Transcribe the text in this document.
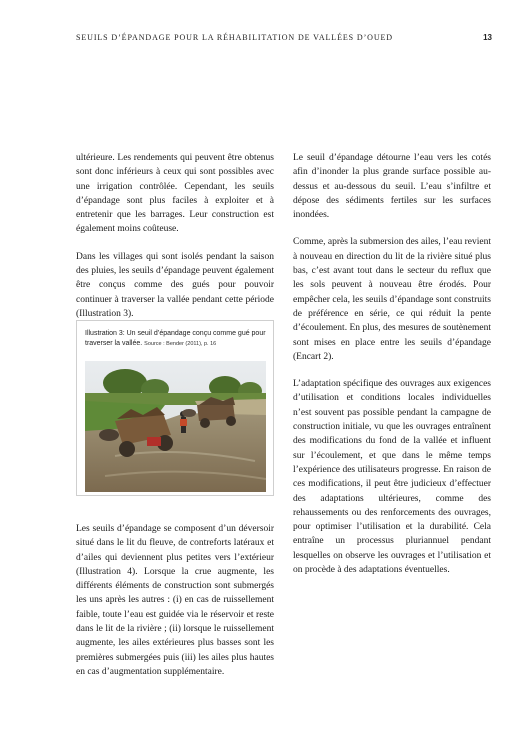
SEUILS D’ÉPANDAGE POUR LA RÉHABILITATION DE VALLÉES D’OUED	13

ultérieure. Les rendements qui peuvent être obtenus sont donc inférieurs à ceux qui sont possibles avec une irrigation contrôlée. Cependant, les seuils d’épandage sont plus faciles à exploiter et à entretenir que les barrages. Leur construction est également moins coûteuse.

Dans les villages qui sont isolés pendant la saison des pluies, les seuils d’épandage peuvent également être conçus comme des gués pour pouvoir continuer à traverser la vallée pendant cette période (Illustration 3).

Illustration 3: Un seuil d’épandage conçu comme gué pour traverser la vallée. Source : Bender (2011), p. 16

Les seuils d’épandage se composent d’un déversoir situé dans le lit du fleuve, de contreforts latéraux et d’ailes qui deviennent plus petites vers l’extérieur (Illustration 4). Lorsque la crue augmente, les différents éléments de construction sont submergés les uns après les autres : (i) en cas de ruissellement faible, toute l’eau est guidée via le réservoir et reste dans le lit de la rivière ; (ii) lorsque le ruissellement augmente, les ailes extérieures plus basses sont les premières submergées puis (iii) les ailes plus hautes en cas d’augmentation supplémentaire.

Le seuil d’épandage détourne l’eau vers les cotés afin d’inonder la plus grande surface possible au-dessus et au-dessous du seuil. L’eau s’infiltre et dépose des sédiments fertiles sur les surfaces inondées.

Comme, après la submersion des ailes, l’eau revient à nouveau en direction du lit de la rivière situé plus bas, c’est avant tout dans le secteur du reflux que les sols peuvent à nouveau être érodés. Pour empêcher cela, les seuils d’épandage sont construits de préférence en série, ce qui réduit la pente d’écoulement. En plus, des mesures de soutènement sont mises en place entre les seuils d’épandage (Encart 2).

L’adaptation spécifique des ouvrages aux exigences d’utilisation et conditions locales individuelles n’est souvent pas possible pendant la campagne de construction initiale, vu que les ouvrages entraînent des modifications du fond de la vallée et influent sur l’écoulement, et que dans le même temps l’expérience des utilisateurs progresse. En raison de ces modifications, il peut être judicieux d’effectuer des adaptations ultérieures, comme des rehaussements ou des renforcements des ouvrages, pour optimiser l’utilisation et la durabilité. Cela entraîne un processus pluriannuel pendant lesquelles on observe les ouvrages et l’utilisation et on procède à des adaptations éventuelles.
